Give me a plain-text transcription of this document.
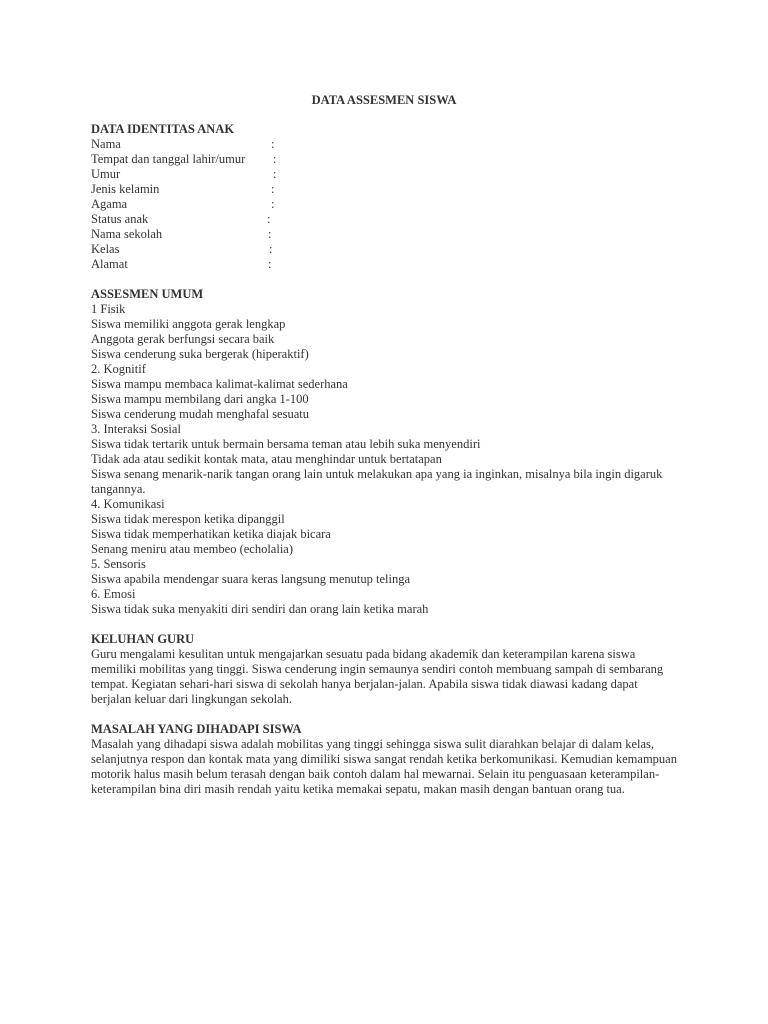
DATA ASSESMEN SISWA
DATA IDENTITAS ANAK
Nama	:
Tempat dan tanggal lahir/umur :
Umur	:
Jenis kelamin	:
Agama	:
Status anak	:
Nama sekolah	:
Kelas	:
Alamat	:
ASSESMEN UMUM
1 Fisik
Siswa memiliki anggota gerak lengkap
Anggota gerak berfungsi secara baik
Siswa cenderung suka bergerak (hiperaktif)
2. Kognitif
Siswa mampu membaca kalimat-kalimat sederhana
Siswa mampu membilang dari angka 1-100
Siswa cenderung mudah menghafal sesuatu
3. Interaksi Sosial
Siswa tidak tertarik untuk bermain bersama teman atau lebih suka menyendiri
Tidak ada atau sedikit kontak mata, atau menghindar untuk bertatapan
Siswa senang menarik-narik tangan orang lain untuk melakukan apa yang ia inginkan, misalnya bila ingin digaruk tangannya.
4. Komunikasi
Siswa tidak merespon ketika dipanggil
Siswa tidak memperhatikan ketika diajak bicara
Senang meniru atau membeo (echolalia)
5. Sensoris
Siswa apabila mendengar suara keras langsung menutup telinga
6. Emosi
Siswa tidak suka menyakiti diri sendiri dan orang lain ketika marah
KELUHAN GURU
Guru mengalami kesulitan untuk mengajarkan sesuatu pada bidang akademik dan keterampilan karena siswa memiliki mobilitas yang tinggi. Siswa cenderung ingin semaunya sendiri contoh membuang sampah di sembarang tempat. Kegiatan sehari-hari siswa di sekolah hanya berjalan-jalan. Apabila siswa tidak diawasi kadang dapat berjalan keluar dari lingkungan sekolah.
MASALAH YANG DIHADAPI SISWA
Masalah yang dihadapi siswa adalah mobilitas yang tinggi sehingga siswa sulit diarahkan belajar di dalam kelas, selanjutnya respon dan kontak mata yang dimiliki siswa sangat rendah ketika berkomunikasi. Kemudian kemampuan motorik halus masih belum terasah dengan baik contoh dalam hal mewarnai. Selain itu penguasaan keterampilan-keterampilan bina diri masih rendah yaitu ketika memakai sepatu, makan masih dengan bantuan orang tua.
